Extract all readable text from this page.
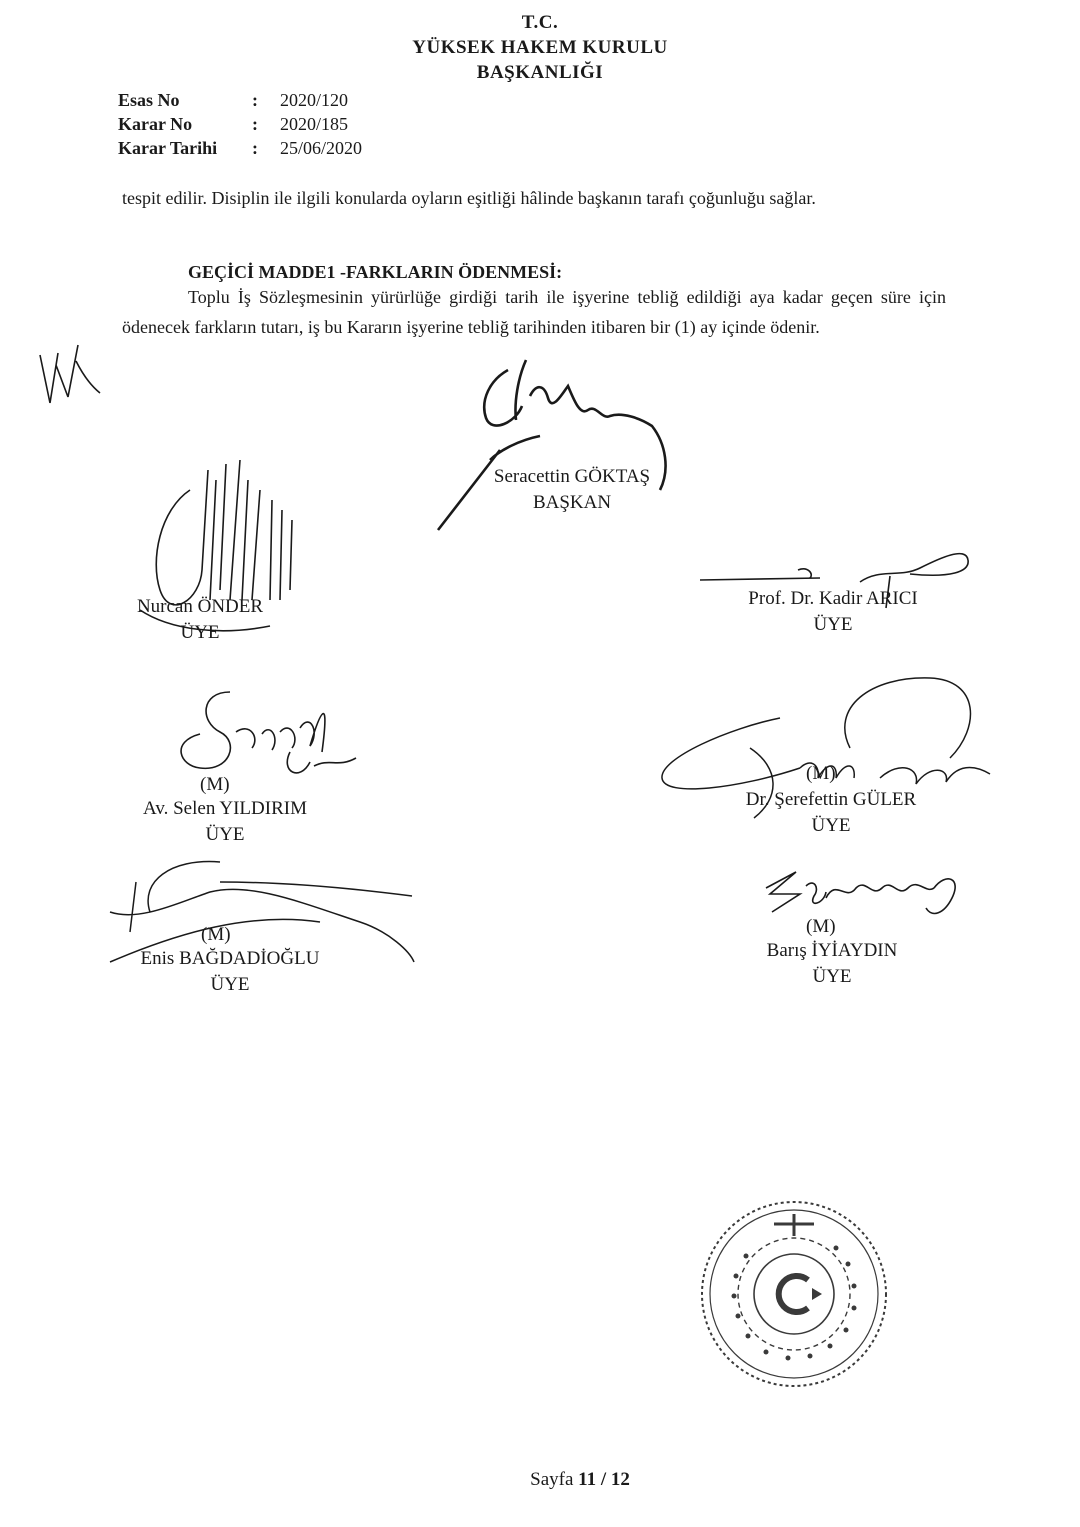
T.C.
YÜKSEK HAKEM KURULU
BAŞKANLIĞI
Esas No	:	2020/120
Karar No	:	2020/185
Karar Tarihi	:	25/06/2020
tespit edilir. Disiplin ile ilgili konularda oyların eşitliği hâlinde başkanın tarafı çoğunluğu sağlar.
GEÇİCİ MADDE1 -FARKLARIN ÖDENMESİ:
Toplu İş Sözleşmesinin yürürlüğe girdiği tarih ile işyerine tebliğ edildiği aya kadar geçen süre için ödenecek farkların tutarı, iş bu Kararın işyerine tebliğ tarihinden itibaren bir (1) ay içinde ödenir.
Seracettin GÖKTAŞ
BAŞKAN
Nurcan ÖNDER
ÜYE
Prof. Dr. Kadir ARICI
ÜYE
(M)
Av. Selen YILDIRIM
ÜYE
(M)
Dr. Şerefettin GÜLER
ÜYE
(M)
Enis BAĞDADİOĞLU
ÜYE
(M)
Barış İYİAYDIN
ÜYE
Sayfa 11 / 12
